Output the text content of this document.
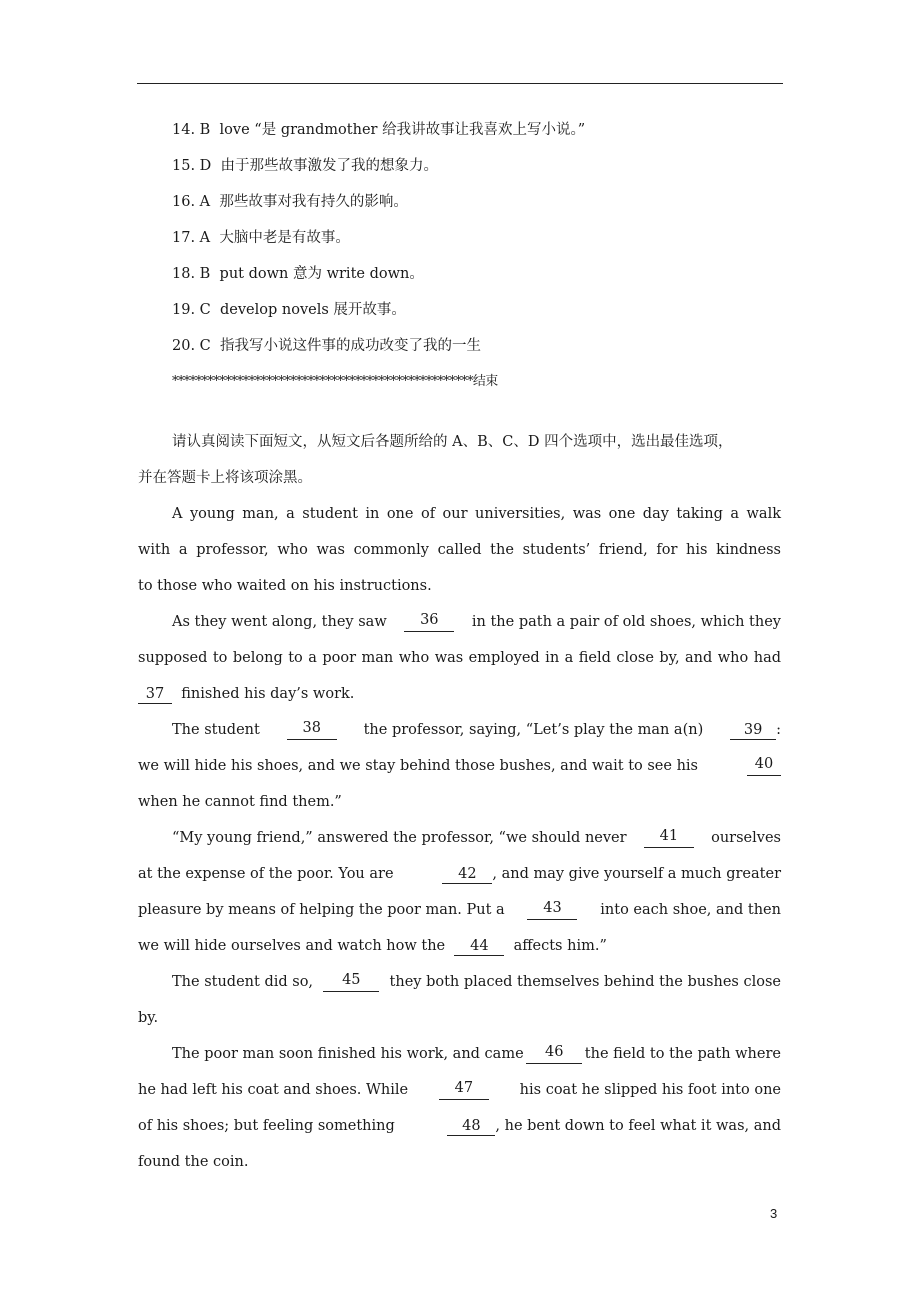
14. B love “是 grandmother 给我讲故事让我喜欢上写小说。”
15. D 由于那些故事激发了我的想象力。
16. A 那些故事对我有持久的影响。
17. A 大脑中老是有故事。
18. B put down 意为 write down。
19. C develop novels 展开故事。
20. C 指我写小说这件事的成功改变了我的一生
***************************************************结束
请认真阅读下面短文，从短文后各题所给的 A、B、C、D 四个选项中，选出最佳选项，
并在答题卡上将该项涂黑。
A young man, a student in one of our universities, was one day taking a walk
with a professor, who was commonly called the students’ friend, for his kindness
to those who waited on his instructions.
As they went along, they saw	36	in the path a pair of old shoes, which they
supposed to belong to a poor man who was employed in a field close by, and who had
37 finished his day’s work.
The student	38	the professor, saying, “Let’s play the man a(n)	39 :
we will hide his shoes, and we stay behind those bushes, and wait to see his	40
when he cannot find them.”
“My young friend,” answered the professor, “we should never	41	ourselves
at the expense of the poor. You are	42 , and may give yourself a much greater
pleasure by means of helping the poor man. Put a	43	into each shoe, and then
we will hide ourselves and watch how the 44 affects him.”
The student did so,	45	they both placed themselves behind the bushes close
by.
The poor man soon finished his work, and came	46	the field to the path where
he had left his coat and shoes. While	47	his coat he slipped his foot into one
of his shoes; but feeling something	48 , he bent down to feel what it was, and
found the coin.
3
